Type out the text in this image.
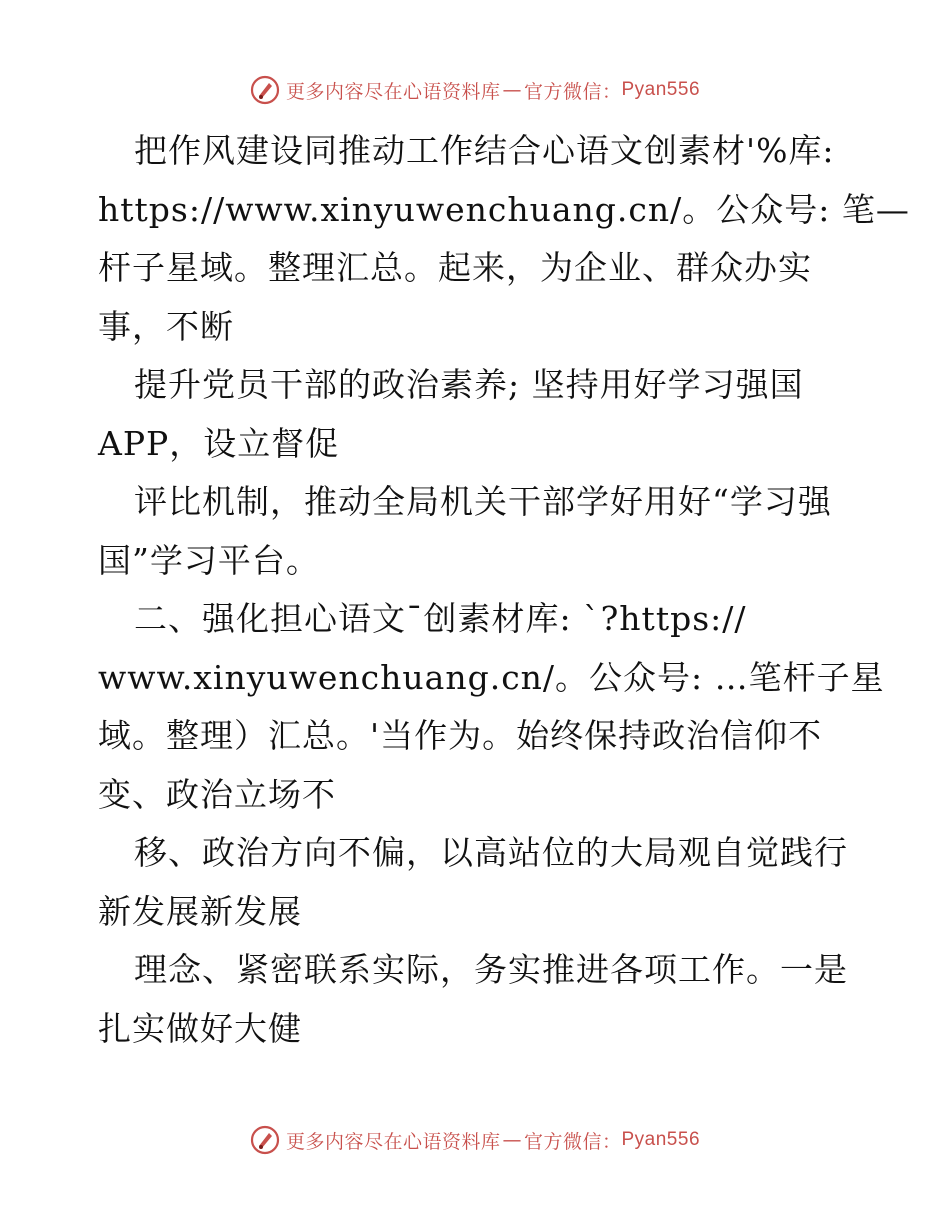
更多内容尽在心语资料库 — 官方微信： Pyan556
把作风建设同推动工作结合心语文创素材'%库:
https://www.xinyuwenchuang.cn/。公众号: 笔—
杆子星域。整理汇总。起来，为企业、群众办实
事，不断
提升党员干部的政治素养; 坚持用好学习强国
APP，设立督促
评比机制，推动全局机关干部学好用好“学习强
国”学习平台。
二、强化担心语文¯创素材库: `?https://
www.xinyuwenchuang.cn/。公众号: …笔杆子星
域。整理）汇总。'当作为。始终保持政治信仰不
变、政治立场不
移、政治方向不偏，以高站位的大局观自觉践行
新发展新发展
理念、紧密联系实际，务实推进各项工作。一是
扎实做好大健
更多内容尽在心语资料库 — 官方微信： Pyan556
